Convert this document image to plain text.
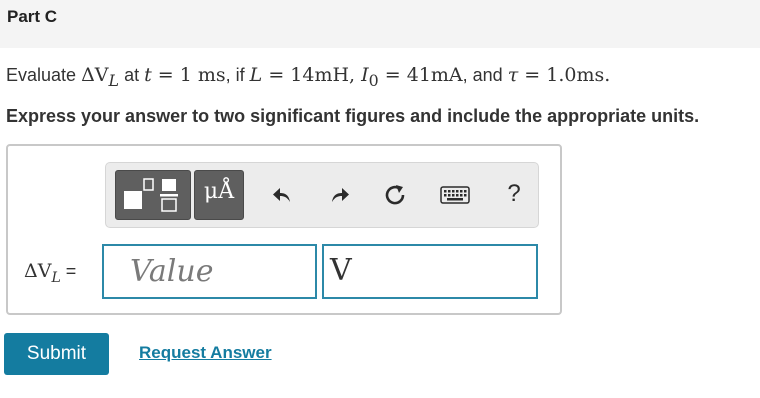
Part C
Evaluate $\Delta V_L$ at t = 1 ms, if L = 14mH, $I_0 = 41mA$, and τ = 1.0ms.
Express your answer to two significant figures and include the appropriate units.
μÅ	?
$\Delta V_L$ =
Value	V
Submit	Request Answer
